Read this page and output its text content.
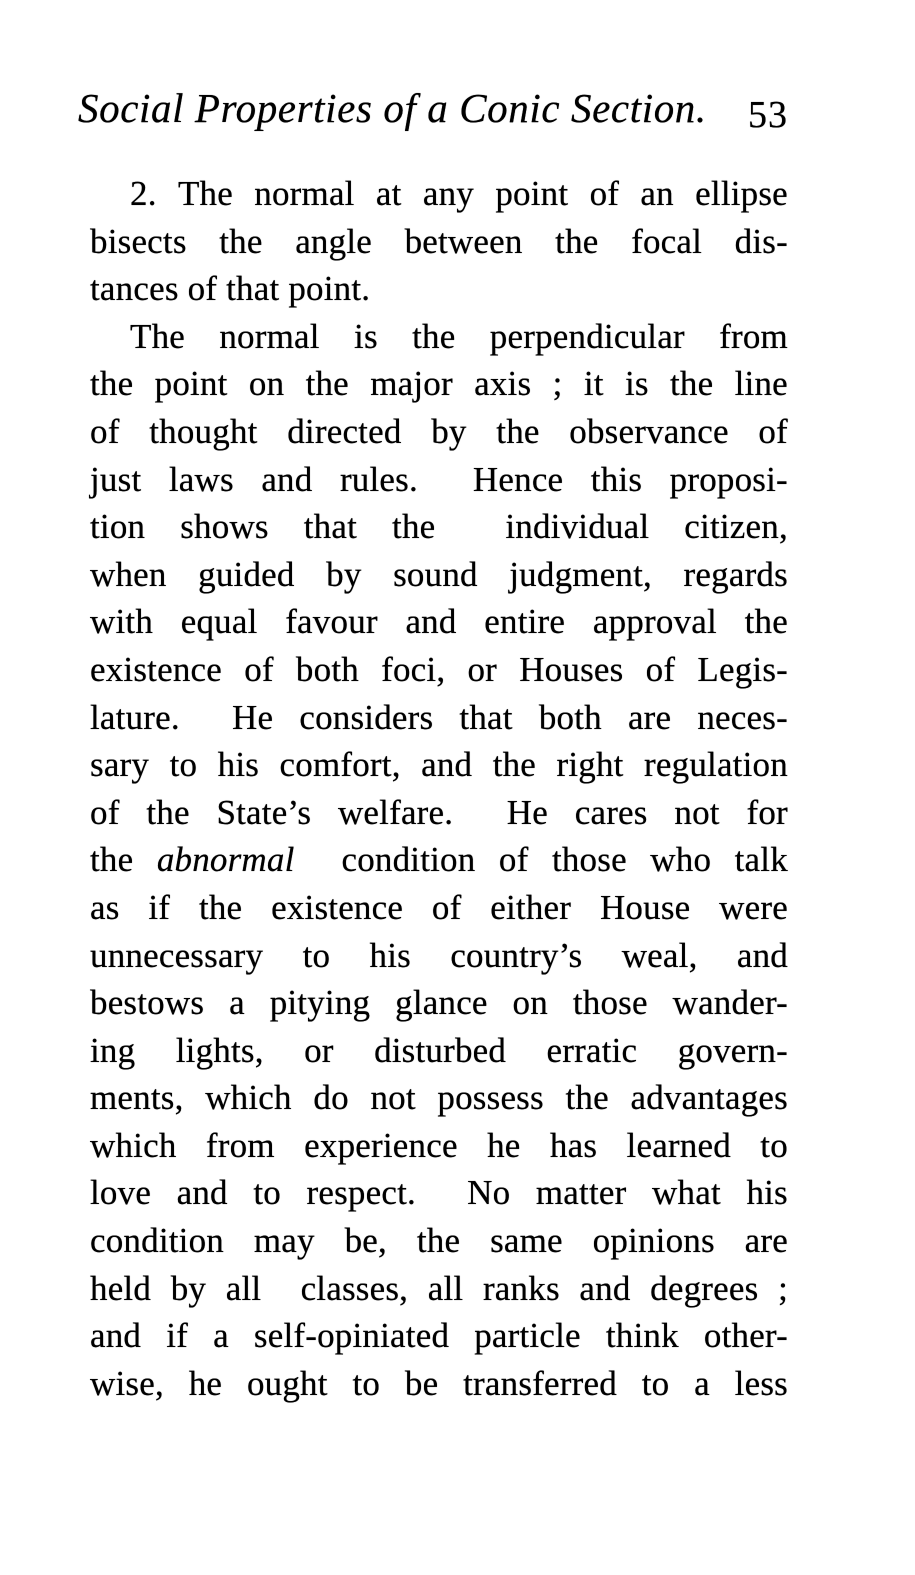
Social Properties of a Conic Section. 53
2. The normal at any point of an ellipse
bisects the angle between the focal dis-
tances of that point.
The normal is the perpendicular from
the point on the major axis ; it is the line
of thought directed by the observance of
just laws and rules. Hence this proposi-
tion shows that the individual citizen,
when guided by sound judgment, regards
with equal favour and entire approval the
existence of both foci, or Houses of Legis-
lature. He considers that both are neces-
sary to his comfort, and the right regulation
of the State’s welfare. He cares not for
the abnormal condition of those who talk
as if the existence of either House were
unnecessary to his country’s weal, and
bestows a pitying glance on those wander-
ing lights, or disturbed erratic govern-
ments, which do not possess the advantages
which from experience he has learned to
love and to respect. No matter what his
condition may be, the same opinions are
held by all classes, all ranks and degrees ;
and if a self-opiniated particle think other-
wise, he ought to be transferred to a less
